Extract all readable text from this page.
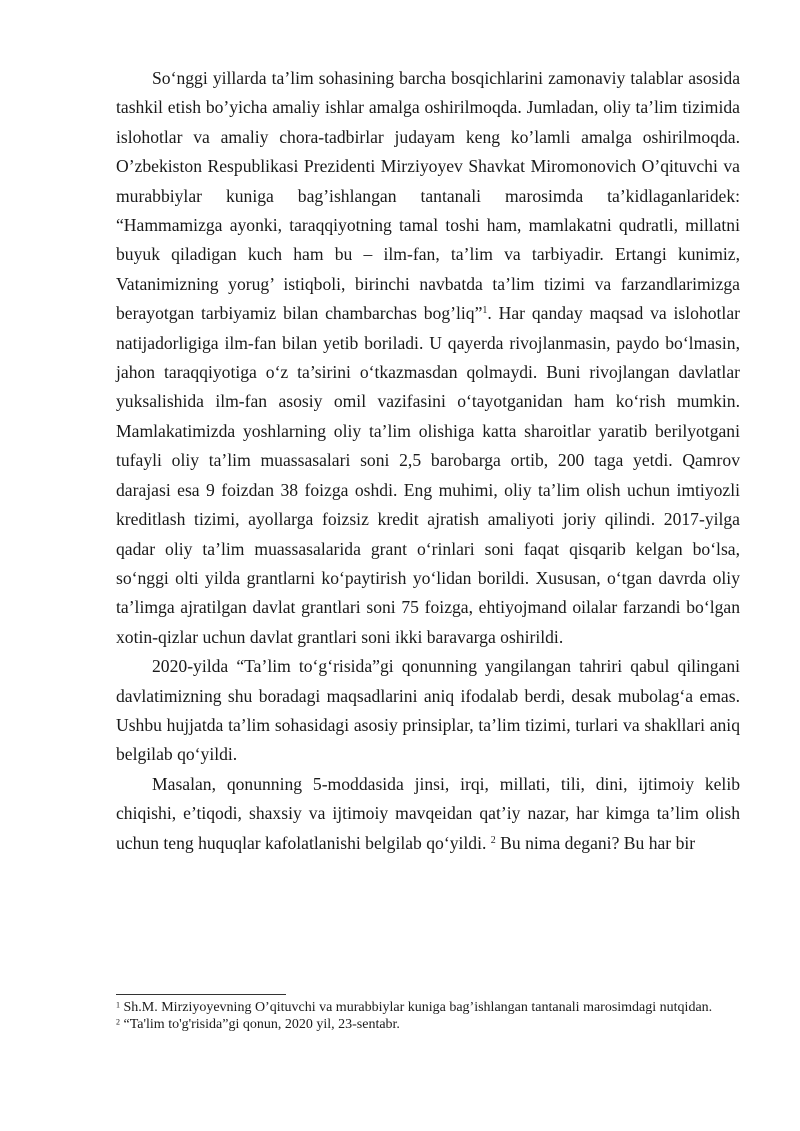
So‘nggi yillarda ta’lim sohasining barcha bosqichlarini zamonaviy talablar asosida tashkil etish bo’yicha amaliy ishlar amalga oshirilmoqda. Jumladan, oliy ta’lim tizimida islohotlar va amaliy chora-tadbirlar judayam keng ko’lamli amalga oshirilmoqda. O’zbekiston Respublikasi Prezidenti Mirziyoyev Shavkat Miromonovich O’qituvchi va murabbiylar kuniga bag’ishlangan tantanali marosimda ta’kidlaganlaridek: “Hammamizga ayonki, taraqqiyotning tamal toshi ham, mamlakatni qudratli, millatni buyuk qiladigan kuch ham bu – ilm-fan, ta’lim va tarbiyadir. Ertangi kunimiz, Vatanimizning yorug’ istiqboli, birinchi navbatda ta’lim tizimi va farzandlarimizga berayotgan tarbiyamiz bilan chambarchas bog’liq”$^1$. Har qanday maqsad va islohotlar natijadorligiga ilm-fan bilan yetib boriladi. U qayerda rivojlanmasin, paydo bo‘lmasin, jahon taraqqiyotiga o‘z ta’sirini o‘tkazmasdan qolmaydi. Buni rivojlangan davlatlar yuksalishida ilm-fan asosiy omil vazifasini o‘tayotganidan ham ko‘rish mumkin. Mamlakatimizda yoshlarning oliy ta’lim olishiga katta sharoitlar yaratib berilyotgani tufayli oliy ta’lim muassasalari soni 2,5 barobarga ortib, 200 taga yetdi. Qamrov darajasi esa 9 foizdan 38 foizga oshdi. Eng muhimi, oliy ta’lim olish uchun imtiyozli kreditlash tizimi, ayollarga foizsiz kredit ajratish amaliyoti joriy qilindi. 2017-yilga qadar oliy ta’lim muassasalarida grant o‘rinlari soni faqat qisqarib kelgan bo‘lsa, so‘nggi olti yilda grantlarni ko‘paytirish yo‘lidan borildi. Xususan, o‘tgan davrda oliy ta’limga ajratilgan davlat grantlari soni 75 foizga, ehtiyojmand oilalar farzandi bo‘lgan xotin-qizlar uchun davlat grantlari soni ikki baravarga oshirildi.

2020-yilda “Ta’lim to‘g‘risida”gi qonunning yangilangan tahriri qabul qilingani davlatimizning shu boradagi maqsadlarini aniq ifodalab berdi, desak mubolag‘a emas. Ushbu hujjatda ta’lim sohasidagi asosiy prinsiplar, ta’lim tizimi, turlari va shakllari aniq belgilab qo‘yildi.

Masalan, qonunning 5-moddasida jinsi, irqi, millati, tili, dini, ijtimoiy kelib chiqishi, e’tiqodi, shaxsiy va ijtimoiy mavqeidan qat’iy nazar, har kimga ta’lim olish uchun teng huquqlar kafolatlanishi belgilab qo‘yildi. $^2$ Bu nima degani? Bu har bir

$^1$ Sh.M. Mirziyoyevning O’qituvchi va murabbiylar kuniga bag’ishlangan tantanali marosimdagi nutqidan.
$^2$ “Ta'lim to'g'risida”gi qonun, 2020 yil, 23-sentabr.
